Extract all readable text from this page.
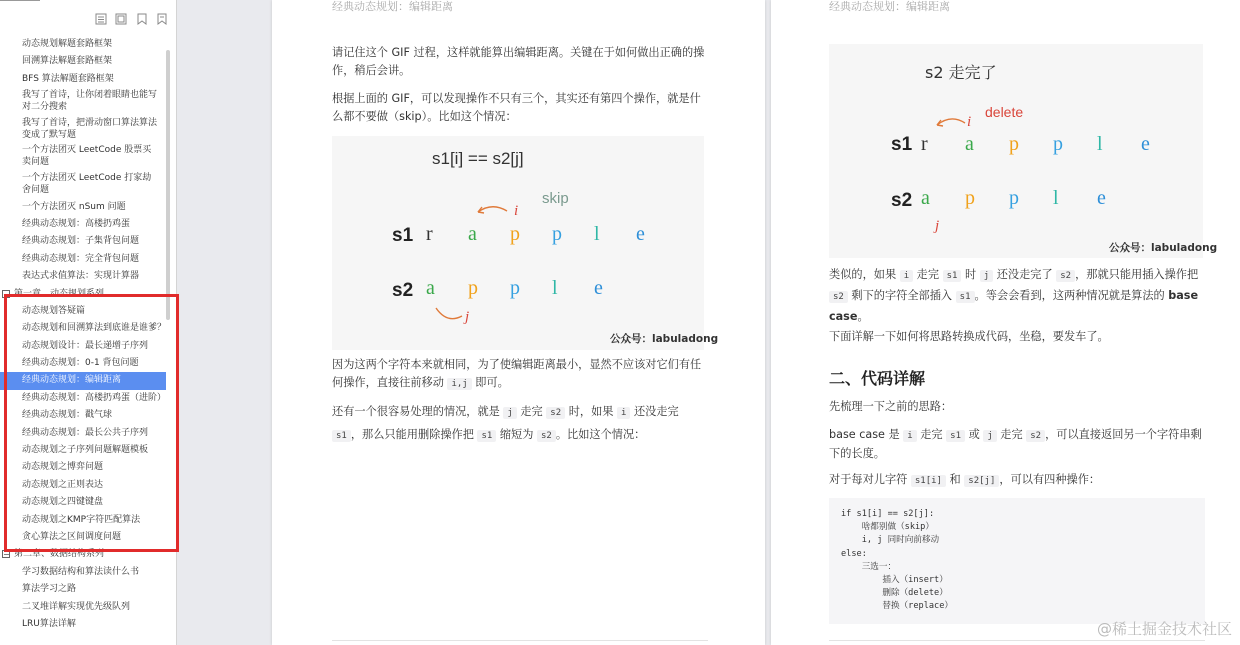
动态规划解题套路框架
回溯算法解题套路框架
BFS 算法解题套路框架
我写了首诗，让你闭着眼睛也能写对二分搜索
我写了首诗，把滑动窗口算法算法变成了默写题
一个方法团灭 LeetCode 股票买卖问题
一个方法团灭 LeetCode 打家劫舍问题
一个方法团灭 nSum 问题
经典动态规划：高楼扔鸡蛋
经典动态规划：子集背包问题
经典动态规划：完全背包问题
表达式求值算法：实现计算器
− 第一章、动态规划系列
动态规划答疑篇
动态规划和回溯算法到底谁是谁爹？
动态规划设计：最长递增子序列
经典动态规划：0-1 背包问题
经典动态规划：编辑距离
经典动态规划：高楼扔鸡蛋（进阶）
经典动态规划：戳气球
经典动态规划：最长公共子序列
动态规划之子序列问题解题模板
动态规划之博弈问题
动态规划之正则表达
动态规划之四键键盘
动态规划之KMP字符匹配算法
贪心算法之区间调度问题
− 第二章、数据结构系列
学习数据结构和算法读什么书
算法学习之路
二叉堆详解实现优先级队列
LRU算法详解
经典动态规划：编辑距离
请记住这个 GIF 过程，这样就能算出编辑距离。关键在于如何做出正确的操作，稍后会讲。
根据上面的 GIF，可以发现操作不只有三个，其实还有第四个操作，就是什么都不要做（skip）。比如这个情况：
s1[i] == s2[j]
skip
i
s1
s2
r a p p l e
a p p l e
j
公众号：labuladong
因为这两个字符本来就相同，为了使编辑距离最小，显然不应该对它们有任何操作，直接往前移动 i,j 即可。
还有一个很容易处理的情况，就是 j 走完 s2 时，如果 i 还没走完 s1 ，那么只能用删除操作把 s1 缩短为 s2 。比如这个情况：
经典动态规划：编辑距离
s2 走完了
delete
i
s1
s2
r a p p l e
a p p l e
j
公众号：labuladong
类似的，如果 i 走完 s1 时 j 还没走完了 s2 ，那就只能用插入操作把 s2 剩下的字符全部插入 s1 。等会会看到，这两种情况就是算法的 base case。
下面详解一下如何将思路转换成代码，坐稳，要发车了。
二、代码详解
先梳理一下之前的思路：
base case 是 i 走完 s1 或 j 走完 s2 ，可以直接返回另一个字符串剩下的长度。
对于每对儿字符 s1[i] 和 s2[j] ，可以有四种操作：
if s1[i] == s2[j]:
啥都别做（skip）
i, j 同时向前移动
else:
三选一：
插入（insert）
删除（delete）
替换（replace）
@稀土掘金技术社区
